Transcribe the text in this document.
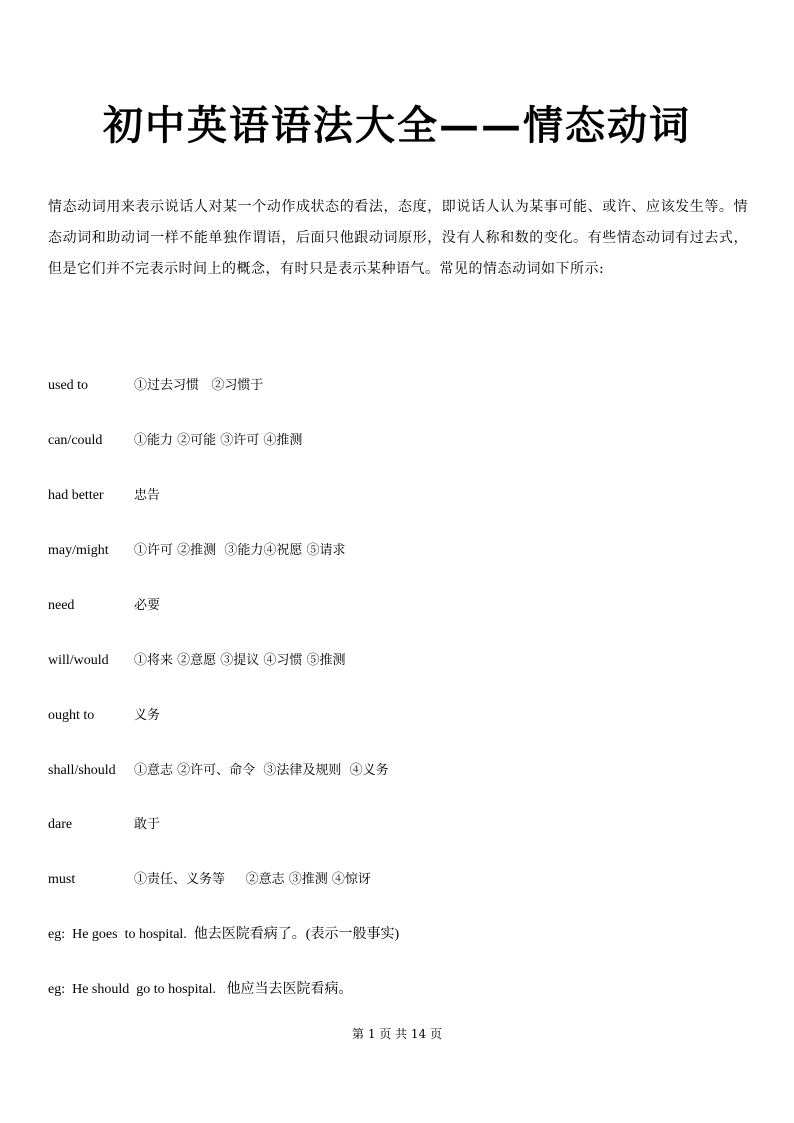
初中英语语法大全——情态动词
情态动词用来表示说话人对某一个动作成状态的看法，态度，即说话人认为某事可能、或许、应该发生等。情态动词和助动词一样不能单独作谓语，后面只他跟动词原形，没有人称和数的变化。有些情态动词有过去式，但是它们并不完表示时间上的概念，有时只是表示某种语气。常见的情态动词如下所示:
used to	①过去习惯   ②习惯于
can/could	①能力 ②可能 ③许可 ④推测
had better	忠告
may/might	①许可 ②推测  ③能力④祝愿 ⑤请求
need	必要
will/would	①将来 ②意愿 ③提议 ④习惯 ⑤推测
ought to	义务
shall/should	①意志 ②许可、命令  ③法律及规则  ④义务
dare	敢于
must	①责任、义务等     ②意志 ③推测 ④惊讶
eg:  He goes  to hospital.  他去医院看病了。(表示一般事实)
eg:  He should  go to hospital.   他应当去医院看病。
第 1 页 共 14 页
